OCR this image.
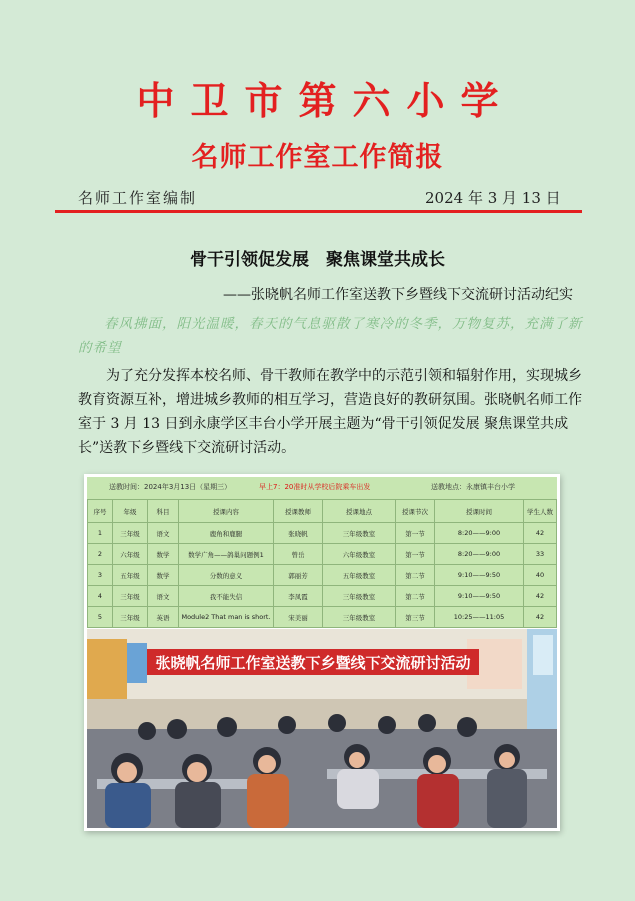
中卫市第六小学
名师工作室工作简报
名师工作室编制	2024 年 3 月 13 日
骨干引领促发展　聚焦课堂共成长
——张晓帆名师工作室送教下乡暨线下交流研讨活动纪实
春风拂面，阳光温暖，春天的气息驱散了寒冷的冬季，万物复苏，充满了新的希望
为了充分发挥本校名师、骨干教师在教学中的示范引领和辐射作用，实现城乡教育资源互补，增进城乡教师的相互学习，营造良好的教研氛围。张晓帆名师工作室于 3 月 13 日到永康学区丰台小学开展主题为“骨干引领促发展 聚焦课堂共成长”送教下乡暨线下交流研讨活动。
送教时间：2024年3月13日（星期三）	早上7：20准时从学校后院乘车出发	送教地点：永康镇丰台小学
序号	年级	科目	授课内容	授课教师	授课地点	授课节次	授课时间	学生人数
1	三年级	语文	鹿角和鹿腿	张晓帆	三年级教室	第一节	8:20——9:00	42
2	六年级	数学	数学广角——鸽巢问题例1	曾岳	六年级教室	第一节	8:20——9:00	33
3	五年级	数学	分数的意义	郭丽芳	五年级教室	第二节	9:10——9:50	40
4	三年级	语文	我不能失信	李凤霞	三年级教室	第二节	9:10——9:50	42
5	三年级	英语	Module2 That man is short.	宋美丽	三年级教室	第三节	10:25——11:05	42
张晓帆名师工作室送教下乡暨线下交流研讨活动
